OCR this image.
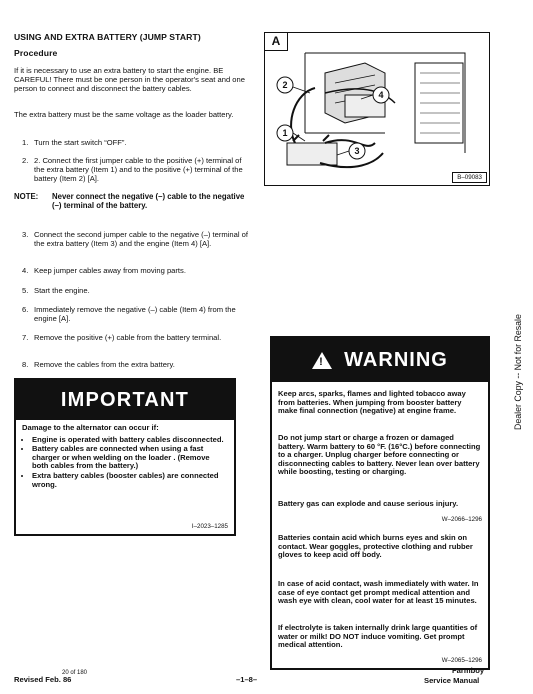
USING AND EXTRA BATTERY (JUMP START)
Procedure
If it is necessary to use an extra battery to start the engine. BE CAREFUL! There must be one person in the operator's seat and one person to connect and disconnect the battery cables.
The extra battery must be the same voltage as the loader battery.
1. Turn the start switch “OFF”.
2. 2. Connect the first jumper cable to the positive (+) terminal of the extra battery (Item 1) and to the positive (+) terminal of the battery (Item 2) [A].
NOTE: Never connect the negative (–) cable to the negative (–) terminal of the battery.
3. Connect the second jumper cable to the negative (–) terminal of the extra battery (Item 3) and the engine (Item 4) [A].
4. Keep jumper cables away from moving parts.
5. Start the engine.
6. Immediately remove the negative (–) cable (Item 4) from the engine [A].
7. Remove the positive (+) cable from the battery terminal.
8. Remove the cables from the extra battery.
IMPORTANT
Damage to the alternator can occur if:
• Engine is operated with battery cables disconnected.
• Battery cables are connected when using a fast charger or when welding on the loader . (Remove both cables from the battery.)
• Extra battery cables (booster cables) are connected wrong.
I–2023–1285
A
2
1
3
4
B–09083
! WARNING
Keep arcs, sparks, flames and lighted tobacco away from batteries. When jumping from booster battery make final connection (negative) at engine frame.
Do not jump start or charge a frozen or damaged battery. Warm battery to 60 °F. (16°C.) before connecting to a charger. Unplug charger before connecting or disconnecting cables to battery. Never lean over battery while boosting, testing or charging.
Battery gas can explode and cause serious injury.
W–2066–1296
Batteries contain acid which burns eyes and skin on contact. Wear goggles, protective clothing and rubber gloves to keep acid off body.
In case of acid contact, wash immediately with water. In case of eye contact get prompt medical attention and wash eye with clean, cool water for at least 15 minutes.
If electrolyte is taken internally drink large quantities of water or milk! DO NOT induce vomiting. Get prompt medical attention.
W–2065–1296
Dealer Copy -- Not for Resale
Revised Feb. 86
20 of 180
–1–8–
Farmboy
Service Manual
